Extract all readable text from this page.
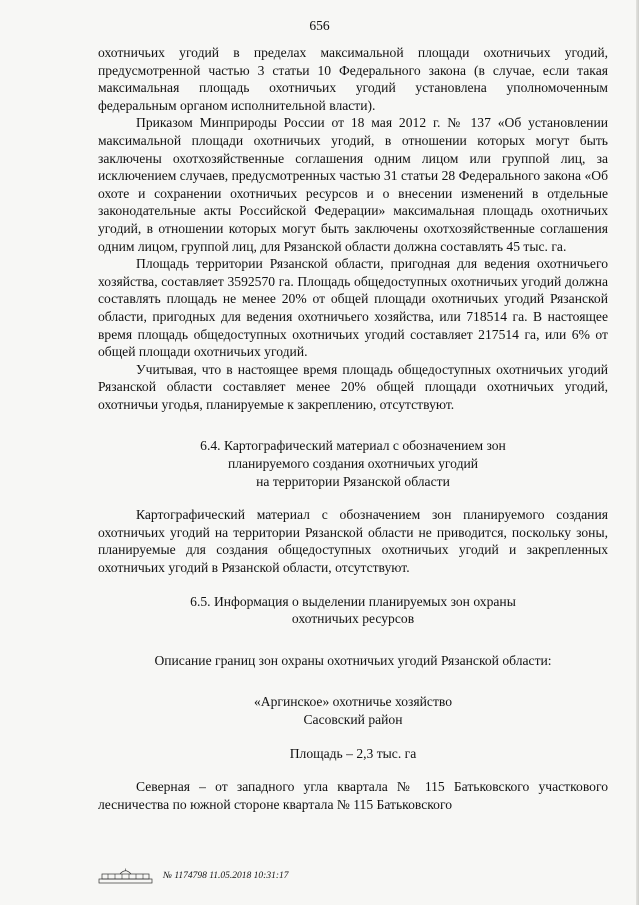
656

охотничьих угодий в пределах максимальной площади охотничьих угодий, предусмотренной частью 3 статьи 10 Федерального закона (в случае, если такая максимальная площадь охотничьих угодий установлена уполномоченным федеральным органом исполнительной власти).

Приказом Минприроды России от 18 мая 2012 г. № 137 «Об установлении максимальной площади охотничьих угодий, в отношении которых могут быть заключены охотхозяйственные соглашения одним лицом или группой лиц, за исключением случаев, предусмотренных частью 31 статьи 28 Федерального закона «Об охоте и сохранении охотничьих ресурсов и о внесении изменений в отдельные законодательные акты Российской Федерации» максимальная площадь охотничьих угодий, в отношении которых могут быть заключены охотхозяйственные соглашения одним лицом, группой лиц, для Рязанской области должна составлять 45 тыс. га.

Площадь территории Рязанской области, пригодная для ведения охотничьего хозяйства, составляет 3592570 га. Площадь общедоступных охотничьих угодий должна составлять площадь не менее 20% от общей площади охотничьих угодий Рязанской области, пригодных для ведения охотничьего хозяйства, или 718514 га. В настоящее время площадь общедоступных охотничьих угодий составляет 217514 га, или 6% от общей площади охотничьих угодий.

Учитывая, что в настоящее время площадь общедоступных охотничьих угодий Рязанской области составляет менее 20% общей площади охотничьих угодий, охотничьи угодья, планируемые к закреплению, отсутствуют.

6.4. Картографический материал с обозначением зон

планируемого создания охотничьих угодий

на территории Рязанской области

Картографический материал с обозначением зон планируемого создания охотничьих угодий на территории Рязанской области не приводится, поскольку зоны, планируемые для создания общедоступных охотничьих угодий и закрепленных охотничьих угодий в Рязанской области, отсутствуют.

6.5. Информация о выделении планируемых зон охраны

охотничьих ресурсов

Описание границ зон охраны охотничьих угодий Рязанской области:

«Аргинское» охотничье хозяйство

Сасовский район

Площадь – 2,3 тыс. га

Северная – от западного угла квартала № 115 Батьковского участкового лесничества по южной стороне квартала № 115 Батьковского

№ 1174798 11.05.2018 10:31:17
